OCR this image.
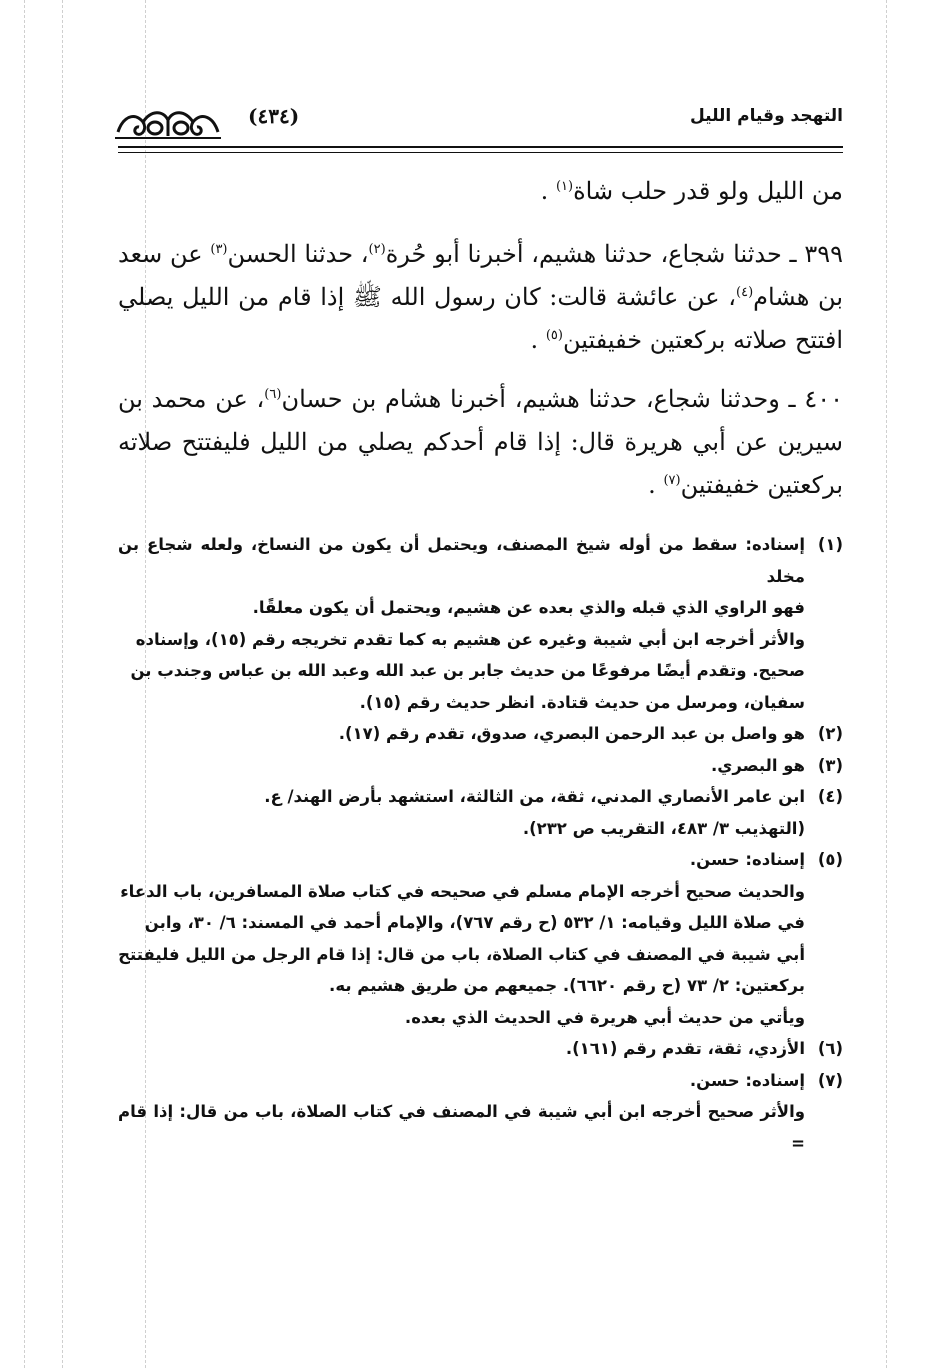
التهجد وقيام الليل
(٤٣٤)

من الليل ولو قدر حلب شاة$^{(١)}$ .

٣٩٩ ـ حدثنا شجاع، حدثنا هشيم، أخبرنا أبو حُرة$^{(٢)}$، حدثنا الحسن$^{(٣)}$ عن سعد بن هشام$^{(٤)}$، عن عائشة قالت: كان رسول الله ﷺ إذا قام من الليل يصلي افتتح صلاته بركعتين خفيفتين$^{(٥)}$ .

٤٠٠ ـ وحدثنا شجاع، حدثنا هشيم، أخبرنا هشام بن حسان$^{(٦)}$، عن محمد بن سيرين عن أبي هريرة قال: إذا قام أحدكم يصلي من الليل فليفتتح صلاته بركعتين خفيفتين$^{(٧)}$ .

(١)
إسناده: سقط من أوله شيخ المصنف، ويحتمل أن يكون من النساخ، ولعله شجاع بن مخلد
فهو الراوي الذي قبله والذي بعده عن هشيم، ويحتمل أن يكون معلقًا.
والأثر أخرجه ابن أبي شيبة وغيره عن هشيم به كما تقدم تخريجه رقم (١٥)، وإسناده
صحيح. وتقدم أيضًا مرفوعًا من حديث جابر بن عبد الله وعبد الله بن عباس وجندب بن
سفيان، ومرسل من حديث قتادة. انظر حديث رقم (١٥).
(٢)
هو واصل بن عبد الرحمن البصري، صدوق، تقدم رقم (١٧).
(٣)
هو البصري.
(٤)
ابن عامر الأنصاري المدني، ثقة، من الثالثة، استشهد بأرض الهند/ ع.
(التهذيب ٣/ ٤٨٣، التقريب ص ٢٣٢).
(٥)
إسناده: حسن.
والحديث صحيح أخرجه الإمام مسلم في صحيحه في كتاب صلاة المسافرين، باب الدعاء
في صلاة الليل وقيامه: ١/ ٥٣٢ (ح رقم ٧٦٧)، والإمام أحمد في المسند: ٦/ ٣٠، وابن
أبي شيبة في المصنف في كتاب الصلاة، باب من قال: إذا قام الرجل من الليل فليفتتح
بركعتين: ٢/ ٧٣ (ح رقم ٦٦٢٠). جميعهم من طريق هشيم به.
ويأتي من حديث أبي هريرة في الحديث الذي بعده.
(٦)
الأزدي، ثقة، تقدم رقم (١٦١).
(٧)
إسناده: حسن.
والأثر صحيح أخرجه ابن أبي شيبة في المصنف في كتاب الصلاة، باب من قال: إذا قام =
